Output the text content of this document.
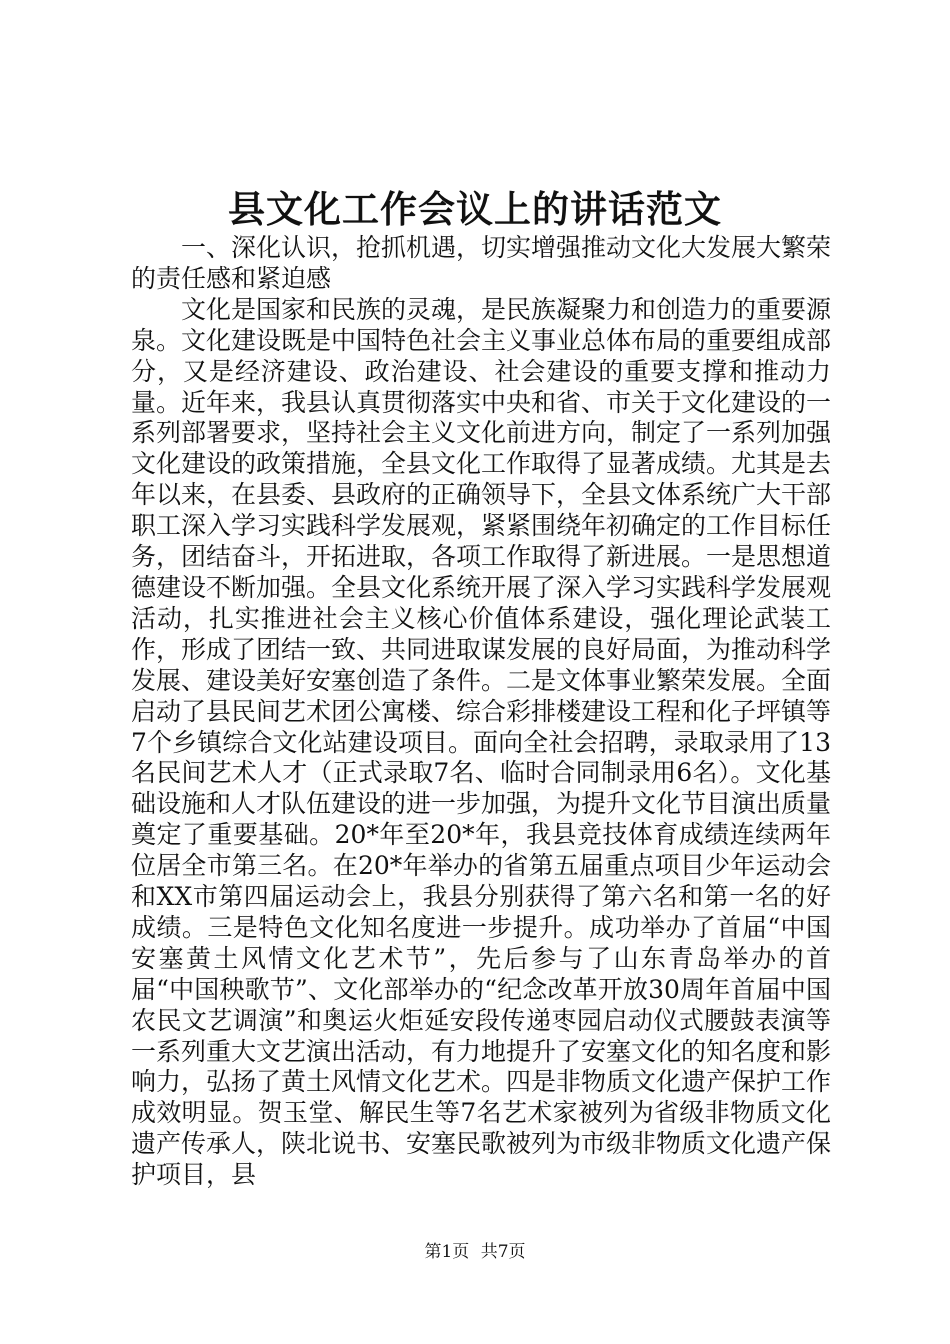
县文化工作会议上的讲话范文

一、深化认识，抢抓机遇，切实增强推动文化大发展大繁荣的责任感和紧迫感

文化是国家和民族的灵魂，是民族凝聚力和创造力的重要源泉。文化建设既是中国特色社会主义事业总体布局的重要组成部分，又是经济建设、政治建设、社会建设的重要支撑和推动力量。近年来，我县认真贯彻落实中央和省、市关于文化建设的一系列部署要求，坚持社会主义文化前进方向，制定了一系列加强文化建设的政策措施，全县文化工作取得了显著成绩。尤其是去年以来，在县委、县政府的正确领导下，全县文体系统广大干部职工深入学习实践科学发展观，紧紧围绕年初确定的工作目标任务，团结奋斗，开拓进取，各项工作取得了新进展。一是思想道德建设不断加强。全县文化系统开展了深入学习实践科学发展观活动，扎实推进社会主义核心价值体系建设，强化理论武装工作，形成了团结一致、共同进取谋发展的良好局面，为推动科学发展、建设美好安塞创造了条件。二是文体事业繁荣发展。全面启动了县民间艺术团公寓楼、综合彩排楼建设工程和化子坪镇等7个乡镇综合文化站建设项目。面向全社会招聘，录取录用了13名民间艺术人才（正式录取7名、临时合同制录用6名）。文化基础设施和人才队伍建设的进一步加强，为提升文化节目演出质量奠定了重要基础。20*年至20*年，我县竞技体育成绩连续两年位居全市第三名。在20*年举办的省第五届重点项目少年运动会和XX市第四届运动会上，我县分别获得了第六名和第一名的好成绩。三是特色文化知名度进一步提升。成功举办了首届“中国安塞黄土风情文化艺术节”，先后参与了山东青岛举办的首届“中国秧歌节”、文化部举办的“纪念改革开放30周年首届中国农民文艺调演”和奥运火炬延安段传递枣园启动仪式腰鼓表演等一系列重大文艺演出活动，有力地提升了安塞文化的知名度和影响力，弘扬了黄土风情文化艺术。四是非物质文化遗产保护工作成效明显。贺玉堂、解民生等7名艺术家被列为省级非物质文化遗产传承人，陕北说书、安塞民歌被列为市级非物质文化遗产保护项目，县

第1页 共7页
